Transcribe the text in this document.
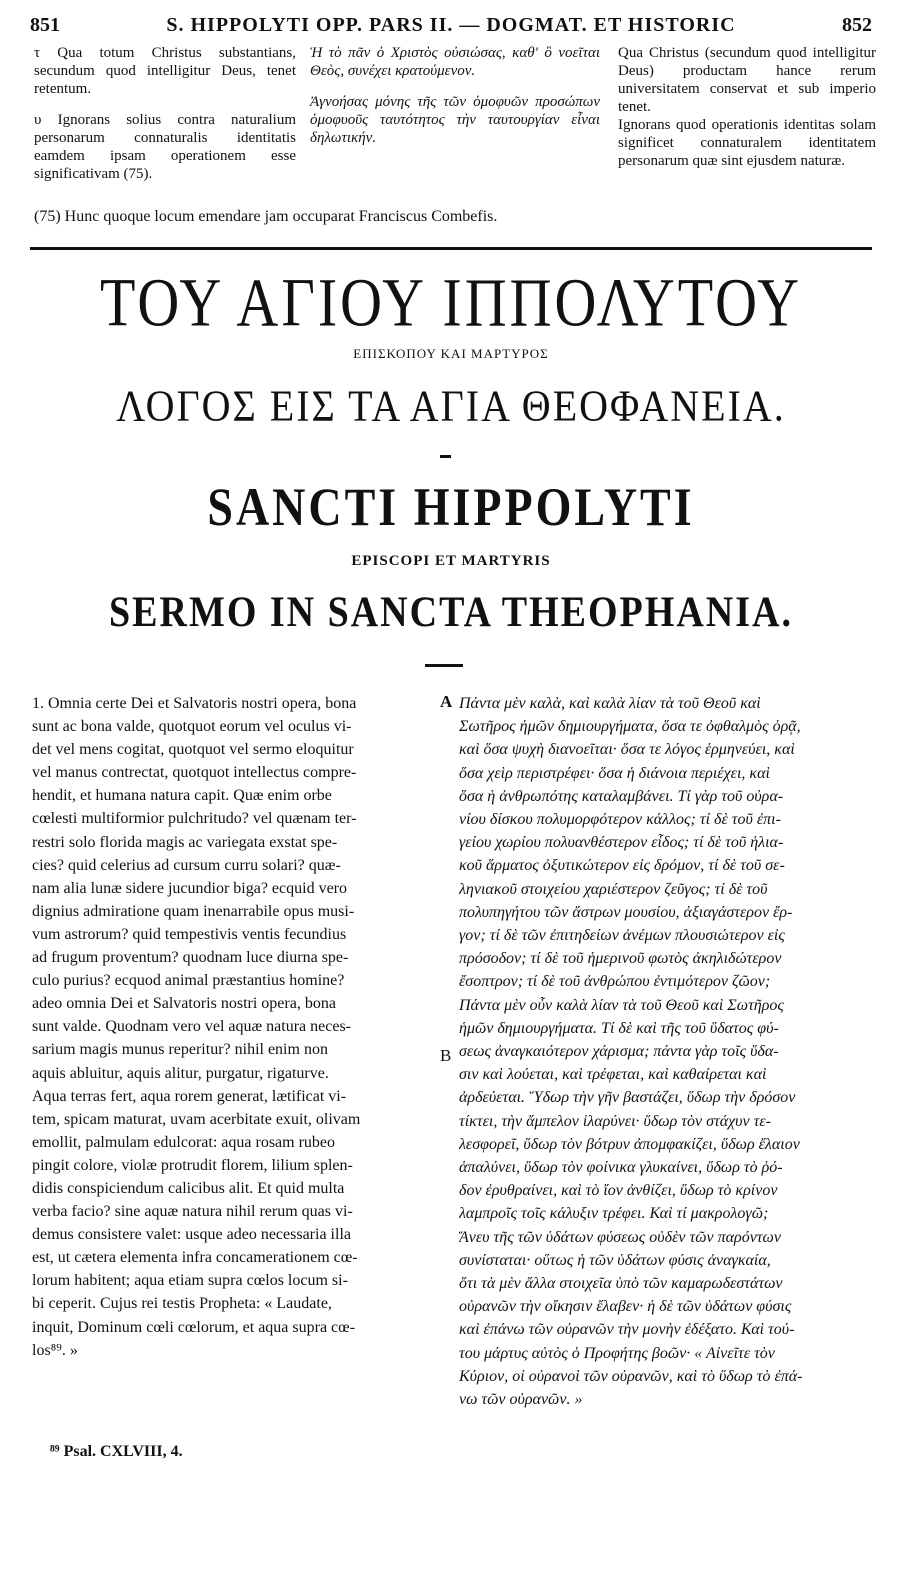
851	S. HIPPOLYTI OPP. PARS II. — DOGMAT. ET HISTORIC	852

τ Qua totum Christus substantians, secundum quod intelligitur Deus, tenet retentum.

υ Ignorans solius contra naturalium personarum connaturalis identitatis eamdem ipsam operationem esse significativam (75).

Ἡ τὸ πᾶν ὁ Χριστὸς οὐσιώσας, καθ' ὃ νοεῖται Θεὸς, συνέχει κρατούμενον.

Ἀγνοήσας μόνης τῆς τῶν ὁμοφυῶν προσώπων ὁμοφυοῦς ταυτότητος τὴν ταυτουργίαν εἶναι δηλωτικήν.

Qua Christus (secundum quod intelligitur Deus) productam hance rerum universitatem conservat et sub imperio tenet.

Ignorans quod operationis identitas solam significet connaturalem identitatem personarum quæ sint ejusdem naturæ.

(75) Hunc quoque locum emendare jam occuparat Franciscus Combefis.
ΤΟΥ ΑΓΙΟΥ ΙΠΠΟΛΥΤΟΥ
ΕΠΙΣΚΟΠΟΥ ΚΑΙ ΜΑΡΤΥΡΟΣ
ΛΟΓΟΣ ΕΙΣ ΤΑ ΑΓΙΑ ΘΕΟΦΑΝΕΙΑ.
SANCTI HIPPOLYTI
EPISCOPI ET MARTYRIS
SERMO IN SANCTA THEOPHANIA.
1. Omnia certe Dei et Salvatoris nostri opera, bona
sunt ac bona valde, quotquot eorum vel oculus vi-
det vel mens cogitat, quotquot vel sermo eloquitur
vel manus contrectat, quotquot intellectus compre-
hendit, et humana natura capit. Quæ enim orbe
cœlesti multiformior pulchritudo? vel quænam ter-
restri solo florida magis ac variegata exstat spe-
cies? quid celerius ad cursum curru solari? quæ-
nam alia lunæ sidere jucundior biga? ecquid vero
dignius admiratione quam inenarrabile opus musi-
vum astrorum? quid tempestivis ventis fecundius
ad frugum proventum? quodnam luce diurna spe-
culo purius? ecquod animal præstantius homine?
adeo omnia Dei et Salvatoris nostri opera, bona
sunt valde. Quodnam vero vel aquæ natura neces-
sarium magis munus reperitur? nihil enim non
aquis abluitur, aquis alitur, purgatur, rigaturve.
Aqua terras fert, aqua rorem generat, lætificat vi-
tem, spicam maturat, uvam acerbitate exuit, olivam
emollit, palmulam edulcorat: aqua rosam rubeo
pingit colore, violæ protrudit florem, lilium splen-
didis conspiciendum calicibus alit. Et quid multa
verba facio? sine aquæ natura nihil rerum quas vi-
demus consistere valet: usque adeo necessaria illa
est, ut cætera elementa infra concamerationem cœ-
lorum habitent; aqua etiam supra cœlos locum si-
bi ceperit. Cujus rei testis Propheta: « Laudate,
inquit, Dominum cœli cœlorum, et aqua supra cœ-
los⁸⁹. »
A
B
Πάντα μὲν καλὰ, καὶ καλὰ λίαν τὰ τοῦ Θεοῦ καὶ
Σωτῆρος ἡμῶν δημιουργήματα, ὅσα τε ὀφθαλμὸς ὁρᾷ,
καὶ ὅσα ψυχὴ διανοεῖται· ὅσα τε λόγος ἑρμηνεύει, καὶ
ὅσα χεὶρ περιστρέφει· ὅσα ἡ διάνοια περιέχει, καὶ
ὅσα ἡ ἀνθρωπότης καταλαμβάνει. Τί γὰρ τοῦ οὐρα-
νίου δίσκου πολυμορφότερον κάλλος; τί δὲ τοῦ ἐπι-
γείου χωρίου πολυανθέστερον εἶδος; τί δὲ τοῦ ἡλια-
κοῦ ἅρματος ὀξυτικώτερον εἰς δρόμον, τί δὲ τοῦ σε-
ληνιακοῦ στοιχείου χαριέστερον ζεῦγος; τί δὲ τοῦ
πολυπηγήτου τῶν ἄστρων μουσίου, ἀξιαγάστερον ἔρ-
γον; τί δὲ τῶν ἐπιτηδείων ἀνέμων πλουσιώτερον εἰς
πρόσοδον; τί δὲ τοῦ ἡμερινοῦ φωτὸς ἀκηλιδώτερον
ἔσοπτρον; τί δὲ τοῦ ἀνθρώπου ἐντιμότερον ζῶον;
Πάντα μὲν οὖν καλὰ λίαν τὰ τοῦ Θεοῦ καὶ Σωτῆρος
ἡμῶν δημιουργήματα. Τί δὲ καὶ τῆς τοῦ ὕδατος φύ-
σεως ἀναγκαιότερον χάρισμα; πάντα γὰρ τοῖς ὕδα-
σιν καὶ λούεται, καὶ τρέφεται, καὶ καθαίρεται καὶ
ἀρδεύεται. Ὕδωρ τὴν γῆν βαστάζει, ὕδωρ τὴν δρόσον
τίκτει, τὴν ἄμπελον ἱλαρύνει· ὕδωρ τὸν στάχυν τε-
λεσφορεῖ, ὕδωρ τὸν βότρυν ἀπομφακίζει, ὕδωρ ἔλαιον
ἁπαλύνει, ὕδωρ τὸν φοίνικα γλυκαίνει, ὕδωρ τὸ ῥό-
δον ἐρυθραίνει, καὶ τὸ ἴον ἀνθίζει, ὕδωρ τὸ κρίνον
λαμπροῖς τοῖς κάλυξιν τρέφει. Καὶ τί μακρολογῶ;
Ἄνευ τῆς τῶν ὑδάτων φύσεως οὐδὲν τῶν παρόντων
συνίσταται· οὕτως ἡ τῶν ὑδάτων φύσις ἀναγκαία,
ὅτι τὰ μὲν ἄλλα στοιχεῖα ὑπὸ τῶν καμαρωδεστάτων
οὐρανῶν τὴν οἴκησιν ἔλαβεν· ἡ δὲ τῶν ὑδάτων φύσις
καὶ ἐπάνω τῶν οὐρανῶν τὴν μονὴν ἐδέξατο. Καὶ τού-
του μάρτυς αὐτὸς ὁ Προφήτης βοῶν· « Αἰνεῖτε τὸν
Κύριον, οἱ οὐρανοὶ τῶν οὐρανῶν, καὶ τὸ ὕδωρ τὸ ἐπά-
νω τῶν οὐρανῶν. »
⁸⁹ Psal. CXLVIII, 4.
